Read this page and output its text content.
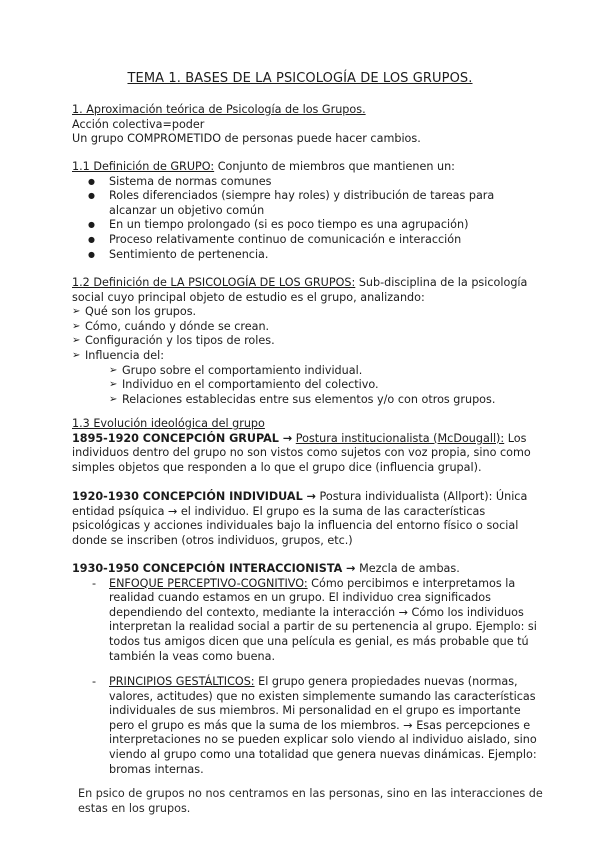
TEMA 1. BASES DE LA PSICOLOGÍA DE LOS GRUPOS.

1. Aproximación teórica de Psicología de los Grupos.

Acción colectiva=poder

Un grupo COMPROMETIDO de personas puede hacer cambios.

1.1 Definición de GRUPO: Conjunto de miembros que mantienen un:

● Sistema de normas comunes
● Roles diferenciados (siempre hay roles) y distribución de tareas para alcanzar un objetivo común
● En un tiempo prolongado (si es poco tiempo es una agrupación)
● Proceso relativamente continuo de comunicación e interacción
● Sentimiento de pertenencia.

1.2 Definición de LA PSICOLOGÍA DE LOS GRUPOS: Sub-disciplina de la psicología social cuyo principal objeto de estudio es el grupo, analizando:

➢ Qué son los grupos.
➢ Cómo, cuándo y dónde se crean.
➢ Configuración y los tipos de roles.
➢ Influencia del:
➢ Grupo sobre el comportamiento individual.
➢ Individuo en el comportamiento del colectivo.
➢ Relaciones establecidas entre sus elementos y/o con otros grupos.

1.3 Evolución ideológica del grupo

1895-1920 CONCEPCIÓN GRUPAL → Postura institucionalista (McDougall): Los individuos dentro del grupo no son vistos como sujetos con voz propia, sino como simples objetos que responden a lo que el grupo dice (influencia grupal).

1920-1930 CONCEPCIÓN INDIVIDUAL → Postura individualista (Allport): Única entidad psíquica → el individuo. El grupo es la suma de las características psicológicas y acciones individuales bajo la influencia del entorno físico o social donde se inscriben (otros individuos, grupos, etc.)

1930-1950 CONCEPCIÓN INTERACCIONISTA → Mezcla de ambas.

- ENFOQUE PERCEPTIVO-COGNITIVO: Cómo percibimos e interpretamos la realidad cuando estamos en un grupo. El individuo crea significados dependiendo del contexto, mediante la interacción → Cómo los individuos interpretan la realidad social a partir de su pertenencia al grupo. Ejemplo: si todos tus amigos dicen que una película es genial, es más probable que tú también la veas como buena.

- PRINCIPIOS GESTÁLTICOS: El grupo genera propiedades nuevas (normas, valores, actitudes) que no existen simplemente sumando las características individuales de sus miembros. Mi personalidad en el grupo es importante pero el grupo es más que la suma de los miembros. → Esas percepciones e interpretaciones no se pueden explicar solo viendo al individuo aislado, sino viendo al grupo como una totalidad que genera nuevas dinámicas. Ejemplo: bromas internas.

En psico de grupos no nos centramos en las personas, sino en las interacciones de estas en los grupos.
